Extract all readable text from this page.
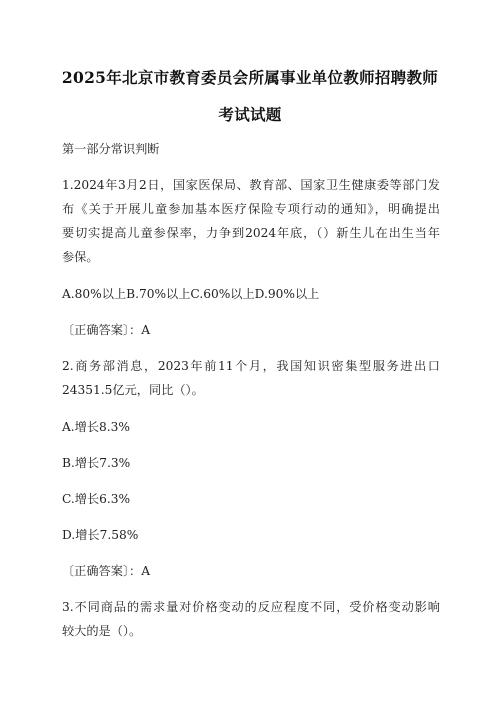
2025年北京市教育委员会所属事业单位教师招聘教师
考试试题
第一部分常识判断
1.2024年3月2日，国家医保局、教育部、国家卫生健康委等部门发
布《关于开展儿童参加基本医疗保险专项行动的通知》，明确提出
要切实提高儿童参保率，力争到2024年底，（）新生儿在出生当年
参保。
A.80%以上B.70%以上C.60%以上D.90%以上
〔正确答案〕：A
2.商务部消息，2023年前11个月，我国知识密集型服务进出口
24351.5亿元，同比（）。
A.增长8.3%
B.增长7.3%
C.增长6.3%
D.增长7.58%
〔正确答案〕：A
3.不同商品的需求量对价格变动的反应程度不同，受价格变动影响
较大的是（）。
